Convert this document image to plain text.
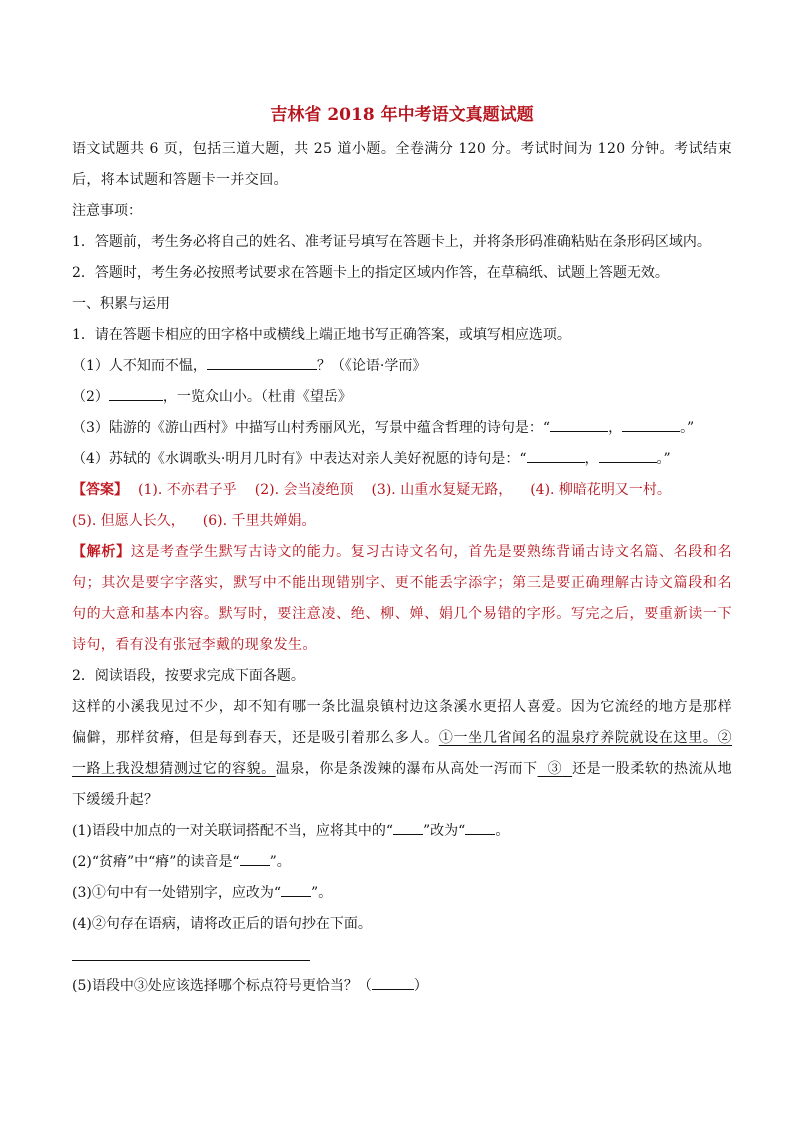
吉林省 2018 年中考语文真题试题

语文试题共 6 页，包括三道大题，共 25 道小题。全卷满分 120 分。考试时间为 120 分钟。考试结束后，将本试题和答题卡一并交回。

注意事项：

1．答题前，考生务必将自己的姓名、准考证号填写在答题卡上，并将条形码准确粘贴在条形码区域内。

2．答题时，考生务必按照考试要求在答题卡上的指定区域内作答，在草稿纸、试题上答题无效。

一、积累与运用

1．请在答题卡相应的田字格中或横线上端正地书写正确答案，或填写相应选项。

（1）人不知而不愠，	？（《论语·学而》

（2）	，一览众山小。（杜甫《望岳》

（3）陆游的《游山西村》中描写山村秀丽风光，写景中蕴含哲理的诗句是：“	，	。”

（4）苏轼的《水调歌头·明月几时有》中表达对亲人美好祝愿的诗句是：“	，	。”

【答案】 (1). 不亦君子乎 (2). 会当凌绝顶 (3). 山重水复疑无路， (4). 柳暗花明又一村。

(5). 但愿人长久， (6). 千里共婵娟。

【解析】这是考查学生默写古诗文的能力。复习古诗文名句，首先是要熟练背诵古诗文名篇、名段和名句；其次是要字字落实，默写中不能出现错别字、更不能丢字添字；第三是要正确理解古诗文篇段和名句的大意和基本内容。默写时，要注意凌、绝、柳、婵、娟几个易错的字形。写完之后，要重新读一下诗句，看有没有张冠李戴的现象发生。

2．阅读语段，按要求完成下面各题。

这样的小溪我见过不少，却不知有哪一条比温泉镇村边这条溪水更招人喜爱。因为它流经的地方是那样偏僻，那样贫瘠，但是每到春天，还是吸引着那么多人。①一坐几省闻名的温泉疗养院就设在这里。②一路上我没想猜测过它的容貌。温泉，你是条泼辣的瀑布从高处一泻而下 ③ 还是一股柔软的热流从地下缓缓升起？

(1)语段中加点的一对关联词搭配不当，应将其中的“ ”改为“ 。

(2)“贫瘠”中“瘠”的读音是“ ”。

(3)①句中有一处错别字，应改为“ ”。

(4)②句存在语病，请将改正后的语句抄在下面。

(5)语段中③处应该选择哪个标点符号更恰当？（	）
